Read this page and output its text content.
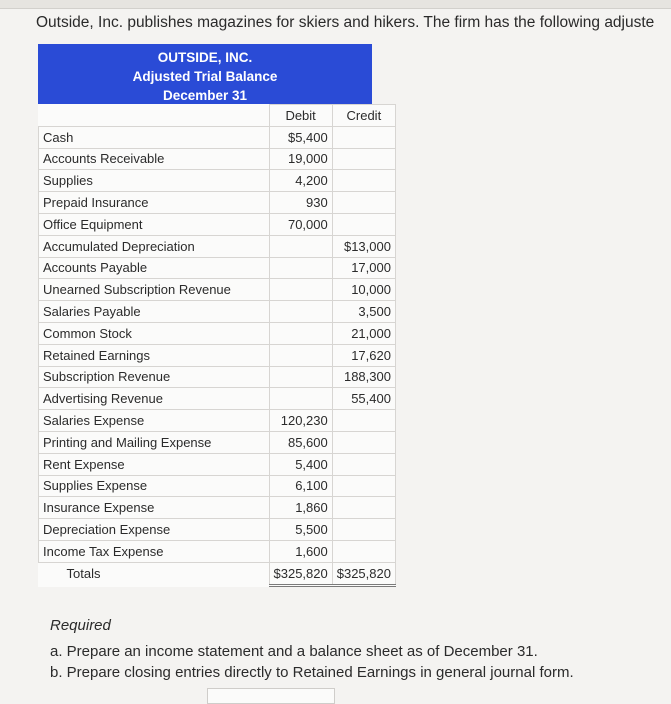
Outside, Inc. publishes magazines for skiers and hikers. The firm has the following adjuste
OUTSIDE, INC.
Adjusted Trial Balance
December 31
	Debit	Credit
Cash	$5,400	
Accounts Receivable	19,000	
Supplies	4,200	
Prepaid Insurance	930	
Office Equipment	70,000	
Accumulated Depreciation		$13,000
Accounts Payable		17,000
Unearned Subscription Revenue		10,000
Salaries Payable		3,500
Common Stock		21,000
Retained Earnings		17,620
Subscription Revenue		188,300
Advertising Revenue		55,400
Salaries Expense	120,230	
Printing and Mailing Expense	85,600	
Rent Expense	5,400	
Supplies Expense	6,100	
Insurance Expense	1,860	
Depreciation Expense	5,500	
Income Tax Expense	1,600	
Totals	$325,820	$325,820
Required
a. Prepare an income statement and a balance sheet as of December 31.
b. Prepare closing entries directly to Retained Earnings in general journal form.
